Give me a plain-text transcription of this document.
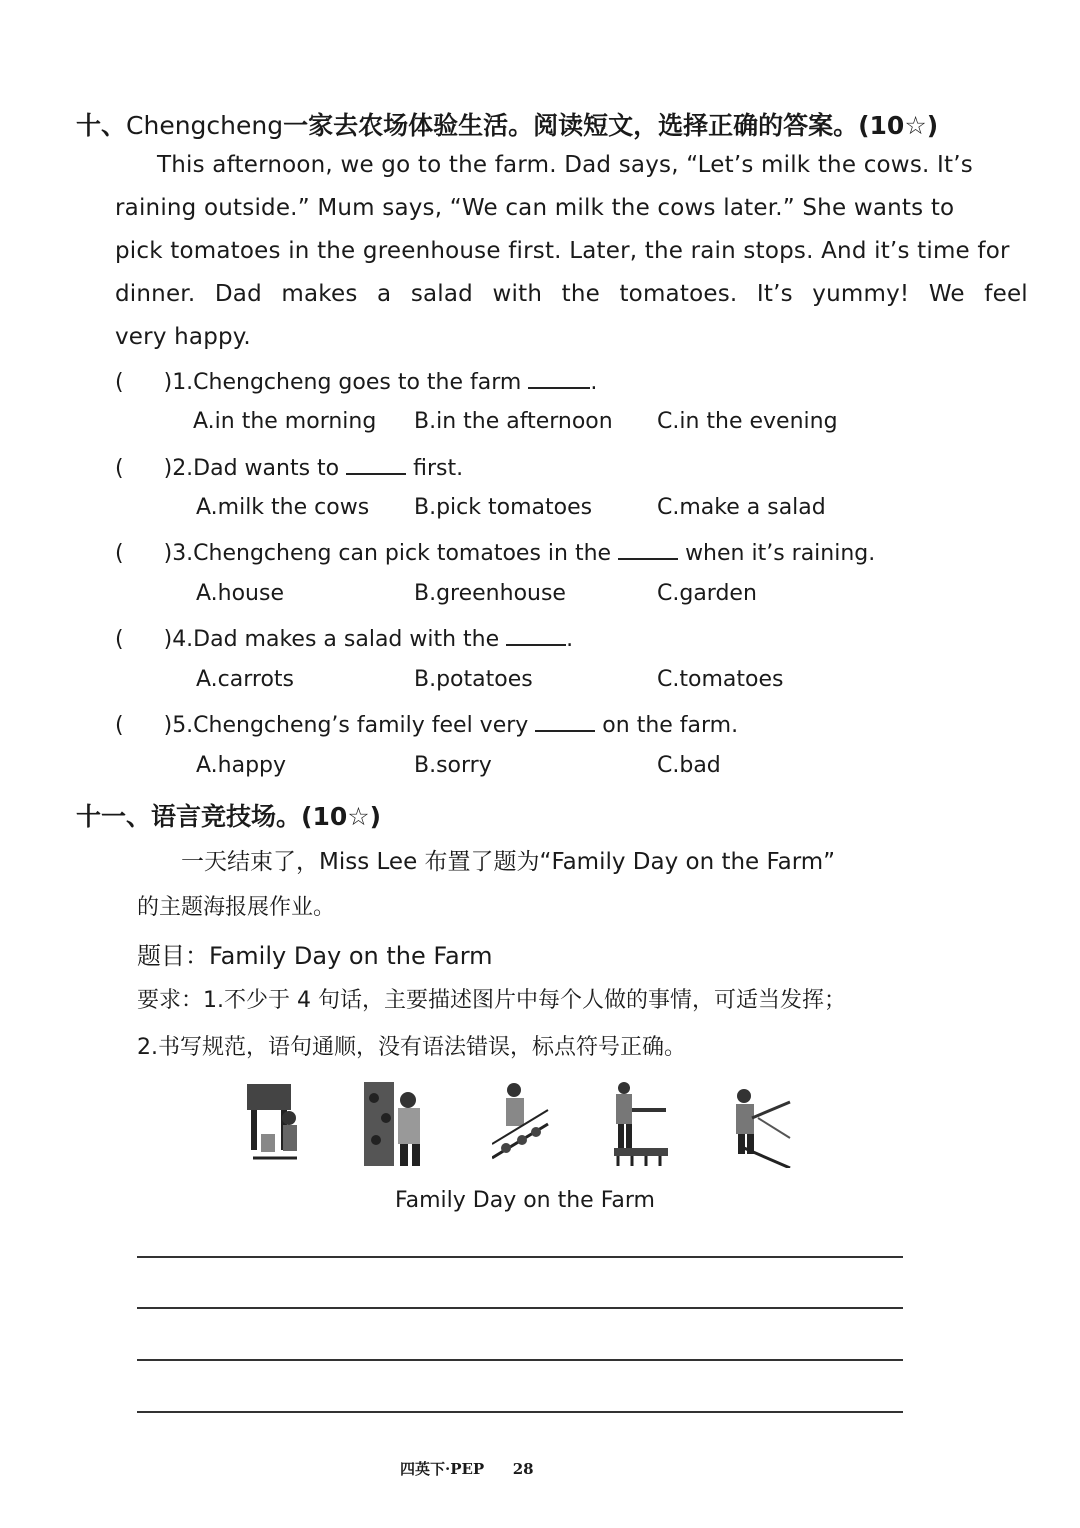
十、Chengcheng一家去农场体验生活。阅读短文，选择正确的答案。(10☆)
This afternoon, we go to the farm. Dad says, “Let’s milk the cows. It’s
raining outside.” Mum says, “We can milk the cows later.” She wants to
pick tomatoes in the greenhouse first. Later, the rain stops. And it’s time for
dinner. Dad makes a salad with the tomatoes. It’s yummy! We feel
very happy.
( )1.Chengcheng goes to the farm	.
A.in the morning B.in the afternoon C.in the evening
( )2.Dad wants to	first.
A.milk the cows B.pick tomatoes	C.make a salad
( )3.Chengcheng can pick tomatoes in the	when it’s raining.
A.house	B.greenhouse	C.garden
( )4.Dad makes a salad with the	.
A.carrots	B.potatoes	C.tomatoes
( )5.Chengcheng’s family feel very	on the farm.
A.happy	B.sorry	C.bad
十一、语言竞技场。(10☆)
一天结束了，Miss Lee 布置了题为“Family Day on the Farm”
的主题海报展作业。
题目：Family Day on the Farm
要求：1.不少于 4 句话，主要描述图片中每个人做的事情，可适当发挥；
2.书写规范，语句通顺，没有语法错误，标点符号正确。
Family Day on the Farm
四英下·PEP 28
